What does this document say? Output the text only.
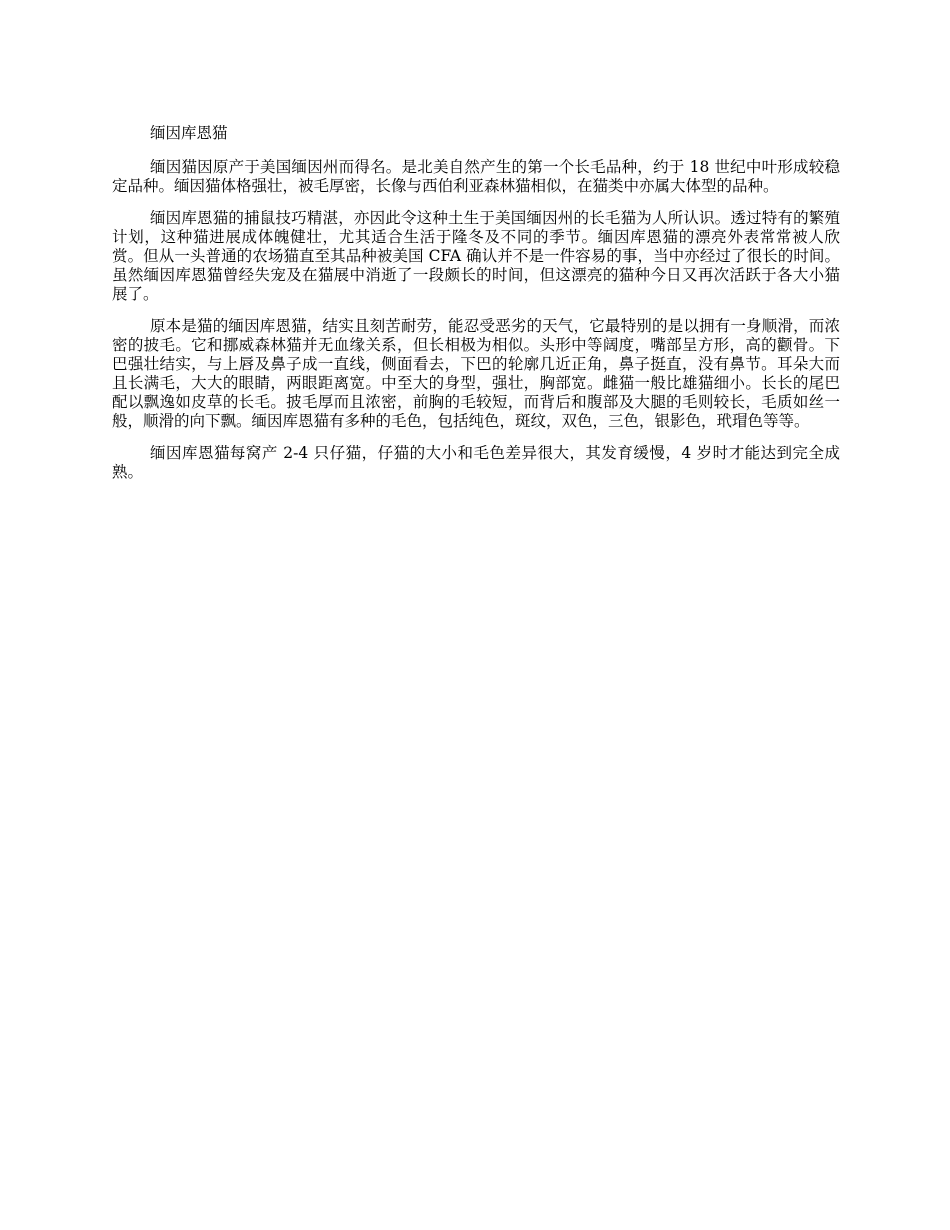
缅因库恩猫

缅因猫因原产于美国缅因州而得名。是北美自然产生的第一个长毛品种，约于 18 世纪中叶形成较稳定品种。缅因猫体格强壮，被毛厚密，长像与西伯利亚森林猫相似，在猫类中亦属大体型的品种。

缅因库恩猫的捕鼠技巧精湛，亦因此令这种土生于美国缅因州的长毛猫为人所认识。透过特有的繁殖计划，这种猫进展成体魄健壮，尤其适合生活于隆冬及不同的季节。缅因库恩猫的漂亮外表常常被人欣赏。但从一头普通的农场猫直至其品种被美国 CFA 确认并不是一件容易的事，当中亦经过了很长的时间。虽然缅因库恩猫曾经失宠及在猫展中消逝了一段颇长的时间，但这漂亮的猫种今日又再次活跃于各大小猫展了。

原本是猫的缅因库恩猫，结实且刻苦耐劳，能忍受恶劣的天气，它最特别的是以拥有一身顺滑，而浓密的披毛。它和挪威森林猫并无血缘关系，但长相极为相似。头形中等阔度，嘴部呈方形，高的颧骨。下巴强壮结实，与上唇及鼻子成一直线，侧面看去，下巴的轮廓几近正角，鼻子挺直，没有鼻节。耳朵大而且长满毛，大大的眼睛，两眼距离宽。中至大的身型，强壮，胸部宽。雌猫一般比雄猫细小。长长的尾巴配以飘逸如皮草的长毛。披毛厚而且浓密，前胸的毛较短，而背后和腹部及大腿的毛则较长，毛质如丝一般，顺滑的向下飘。缅因库恩猫有多种的毛色，包括纯色，斑纹，双色，三色，银影色，玳瑁色等等。

缅因库恩猫每窝产 2-4 只仔猫，仔猫的大小和毛色差异很大，其发育缓慢，4 岁时才能达到完全成熟。
